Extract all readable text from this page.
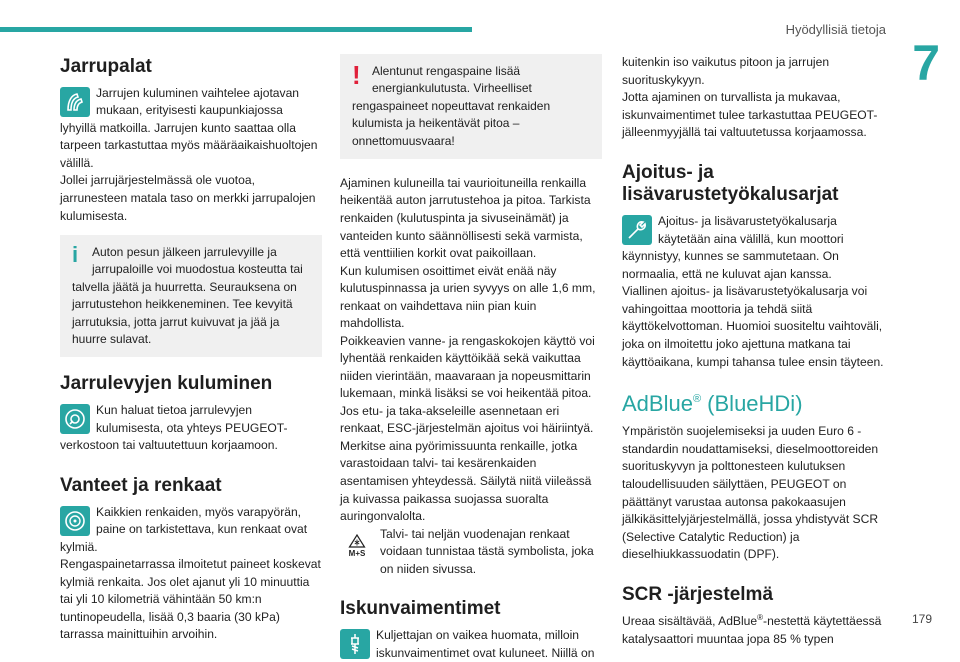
Hyödyllisiä tietoja
7
Jarrupalat

Jarrujen kuluminen vaihtelee ajotavan mukaan, erityisesti kaupunkiajossa lyhyillä matkoilla. Jarrujen kunto saattaa olla tarpeen tarkastuttaa myös määräaikaishuoltojen välillä.

Jollei jarrujärjestelmässä ole vuotoa, jarrunesteen matala taso on merkki jarrupalojen kulumisesta.

i	Auton pesun jälkeen jarrulevyille ja jarrupaloille voi muodostua kosteutta tai talvella jäätä ja huurretta. Seurauksena on jarrutustehon heikkeneminen. Tee kevyitä jarrutuksia, jotta jarrut kuivuvat ja jää ja huurre sulavat.

Jarrulevyjen kuluminen

Kun haluat tietoa jarrulevyjen kulumisesta, ota yhteys PEUGEOT-verkostoon tai valtuutettuun korjaamoon.

Vanteet ja renkaat

Kaikkien renkaiden, myös varapyörän, paine on tarkistettava, kun renkaat ovat kylmiä.

Rengaspainetarrassa ilmoitetut paineet koskevat kylmiä renkaita. Jos olet ajanut yli 10 minuuttia tai yli 10 kilometriä vähintään 50 km:n tuntinopeudella, lisää 0,3 baaria (30 kPa) tarrassa mainittuihin arvoihin.

! Alentunut rengaspaine lisää energiankulutusta. Virheelliset rengaspaineet nopeuttavat renkaiden kulumista ja heikentävät pitoa – onnettomuusvaara!

Ajaminen kuluneilla tai vaurioituneilla renkailla heikentää auton jarrutustehoa ja pitoa. Tarkista renkaiden (kulutuspinta ja sivuseinämät) ja vanteiden kunto säännöllisesti sekä varmista, että venttiilien korkit ovat paikoillaan.

Kun kulumisen osoittimet eivät enää näy kulutuspinnassa ja urien syvyys on alle 1,6 mm, renkaat on vaihdettava niin pian kuin mahdollista.

Poikkeavien vanne- ja rengaskokojen käyttö voi lyhentää renkaiden käyttöikää sekä vaikuttaa niiden vierintään, maavaraan ja nopeusmittarin lukemaan, minkä lisäksi se voi heikentää pitoa.

Jos etu- ja taka-akseleille asennetaan eri renkaat, ESC-järjestelmän ajoitus voi häiriintyä.

Merkitse aina pyörimissuunta renkaille, jotka varastoidaan talvi- tai kesärenkaiden asentamisen yhteydessä. Säilytä niitä viileässä ja kuivassa paikassa suojassa suoralta auringonvalolta.

M+S

Talvi- tai neljän vuodenajan renkaat voidaan tunnistaa tästä symbolista, joka on niiden sivussa.

Iskunvaimentimet

Kuljettajan on vaikea huomata, milloin iskunvaimentimet ovat kuluneet. Niillä on

kuitenkin iso vaikutus pitoon ja jarrujen suorituskykyyn.

Jotta ajaminen on turvallista ja mukavaa, iskunvaimentimet tulee tarkastuttaa PEUGEOT-jälleenmyyjällä tai valtuutetussa korjaamossa.

Ajoitus- ja lisävarustetyökalusarjat

Ajoitus- ja lisävarustetyökalusarja käytetään aina välillä, kun moottori käynnistyy, kunnes se sammutetaan. On normaalia, että ne kuluvat ajan kanssa.

Viallinen ajoitus- ja lisävarustetyökalusarja voi vahingoittaa moottoria ja tehdä siitä käyttökelvottoman. Huomioi suositeltu vaihtoväli, joka on ilmoitettu joko ajettuna matkana tai käyttöaikana, kumpi tahansa tulee ensin täyteen.

AdBlue® (BlueHDi)

Ympäristön suojelemiseksi ja uuden Euro 6 -standardin noudattamiseksi, dieselmoottoreiden suorituskyvyn ja polttonesteen kulutuksen taloudellisuuden säilyttäen, PEUGEOT on päättänyt varustaa autonsa pakokaasujen jälkikäsittelyjärjestelmällä, jossa yhdistyvät SCR (Selective Catalytic Reduction) ja dieselhiukkassuodatin (DPF).

SCR -järjestelmä

Ureaa sisältävää, AdBlue®-nestettä käytettäessä katalysaattori muuntaa jopa 85 % typen

179
